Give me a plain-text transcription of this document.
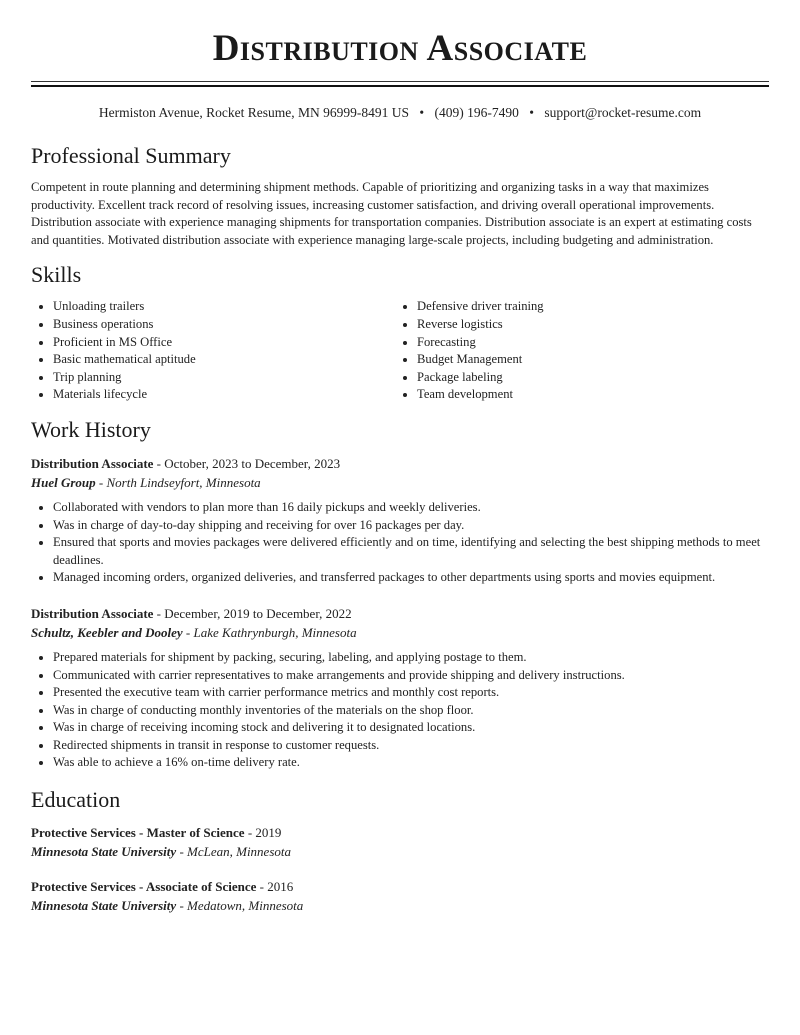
Distribution Associate
Hermiston Avenue, Rocket Resume, MN 96999-8491 US • (409) 196-7490 • support@rocket-resume.com
Professional Summary

Competent in route planning and determining shipment methods. Capable of prioritizing and organizing tasks in a way that maximizes productivity. Excellent track record of resolving issues, increasing customer satisfaction, and driving overall operational improvements. Distribution associate with experience managing shipments for transportation companies. Distribution associate is an expert at estimating costs and quantities. Motivated distribution associate with experience managing large-scale projects, including budgeting and administration.

Skills
Unloading trailers
Business operations
Proficient in MS Office
Basic mathematical aptitude
Trip planning
Materials lifecycle
Defensive driver training
Reverse logistics
Forecasting
Budget Management
Package labeling
Team development
Work History
Distribution Associate - October, 2023 to December, 2023
Huel Group - North Lindseyfort, Minnesota
Collaborated with vendors to plan more than 16 daily pickups and weekly deliveries.
Was in charge of day-to-day shipping and receiving for over 16 packages per day.
Ensured that sports and movies packages were delivered efficiently and on time, identifying and selecting the best shipping methods to meet deadlines.
Managed incoming orders, organized deliveries, and transferred packages to other departments using sports and movies equipment.
Distribution Associate - December, 2019 to December, 2022
Schultz, Keebler and Dooley - Lake Kathrynburgh, Minnesota
Prepared materials for shipment by packing, securing, labeling, and applying postage to them.
Communicated with carrier representatives to make arrangements and provide shipping and delivery instructions.
Presented the executive team with carrier performance metrics and monthly cost reports.
Was in charge of conducting monthly inventories of the materials on the shop floor.
Was in charge of receiving incoming stock and delivering it to designated locations.
Redirected shipments in transit in response to customer requests.
Was able to achieve a 16% on-time delivery rate.
Education
Protective Services - Master of Science - 2019
Minnesota State University - McLean, Minnesota
Protective Services - Associate of Science - 2016
Minnesota State University - Medatown, Minnesota
